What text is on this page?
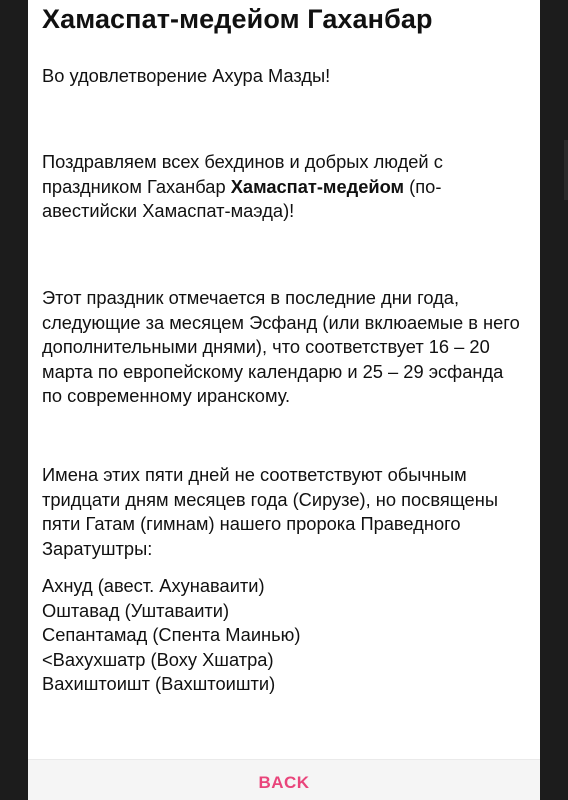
Хамаспат-медейом Гаханбар
Во удовлетворение Ахура Мазды!
Поздравляем всех бехдинов и добрых людей с праздником Гаханбар Хамаспат-медейом (по-авестийски Хамаспат-маэда)!
Этот праздник отмечается в последние дни года, следующие за месяцем Эсфанд (или вклюаемые в него дополнительными днями), что соответствует 16 – 20 марта по европейскому календарю и 25 – 29 эсфанда по современному иранскому.
Имена этих пяти дней не соответствуют обычным тридцати дням месяцев года (Сирузе), но посвящены пяти Гатам (гимнам) нашего пророка Праведного Заратуштры:
Ахнуд (авест. Ахунаваити)
Оштавад (Уштаваити)
Сепантамад (Спента Маинью)
<Вахухшатр (Воху Хшатра)
Вахиштоишт (Вахштоишти)
BACK
